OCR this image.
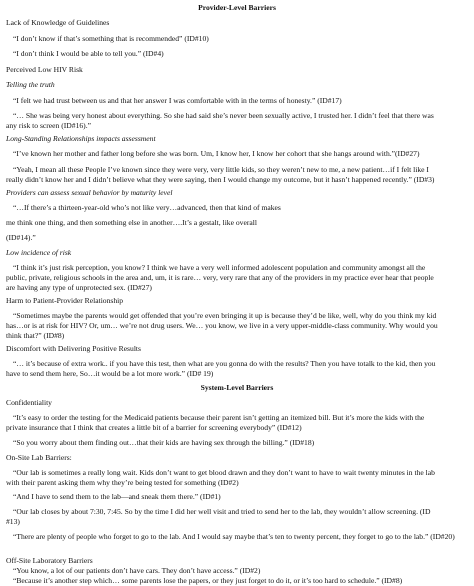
Provider-Level Barriers
Lack of Knowledge of Guidelines
“I don’t know if that’s something that is recommended” (ID#10)
“I don’t think I would be able to tell you.” (ID#4)
Perceived Low HIV Risk
Telling the truth
“I felt we had trust between us and that her answer I was comfortable with in the terms of honesty.” (ID#17)
“… She was being very honest about everything. So she had said she’s never been sexually active, I trusted her. I didn’t feel that there was
any risk to screen (ID#16).”
Long-Standing Relationships impacts assessment
“I’ve known her mother and father long before she was born. Um, I know her, I know her cohort that she hangs around with.”(ID#27)
“Yeah, I mean all these People I’ve known since they were very, very little kids, so they weren’t new to me, a new patient…if I felt like I
really didn’t know her and I didn’t believe what they were saying, then I would change my outcome, but it hasn’t happened recently.” (ID#3)
Providers can assess sexual behavior by maturity level
“…If there’s a thirteen-year-old who’s not like very…advanced, then that kind of makes
me think one thing, and then something else in another….It’s a gestalt, like overall
(ID#14).”
Low incidence of risk
“I think it’s just risk perception, you know? I think we have a very well informed adolescent population and community amongst all the
public, private, religious schools in the area and, um, it is rare… very, very rare that any of the providers in my practice ever hear that people
are having any type of unprotected sex. (ID#27)
Harm to Patient-Provider Relationship
“Sometimes maybe the parents would get offended that you’re even bringing it up is because they’d be like, well, why do you think my kid
has…or is at risk for HIV? Or, um… we’re not drug users. We… you know, we live in a very upper-middle-class community. Why would you
think that?” (ID#8)
Discomfort with Delivering Positive Results
“… it’s because of extra work.. if you have this test, then what are you gonna do with the results? Then you have totalk to the kid, then you
have to send them here, So…it would be a lot more work.” (ID# 19)
System-Level Barriers
Confidentiality
“It’s easy to order the testing for the Medicaid patients because their parent isn’t getting an itemized bill. But it’s more the kids with the
private insurance that I think that creates a little bit of a barrier for screening everybody” (ID#12)
“So you worry about them finding out…that their kids are having sex through the billing.” (ID#18)
On-Site Lab Barriers:
“Our lab is sometimes a really long wait. Kids don’t want to get blood drawn and they don’t want to have to wait twenty minutes in the lab
with their parent asking them why they’re being tested for something (ID#2)
“And I have to send them to the lab—and sneak them there.” (ID#1)
“Our lab closes by about 7:30, 7:45. So by the time I did her well visit and tried to send her to the lab, they wouldn’t allow screening. (ID
#13)
“There are plenty of people who forget to go to the lab. And I would say maybe that’s ten to twenty percent, they forget to go to the lab.” (ID#20)
Off-Site Laboratory Barriers
“You know, a lot of our patients don’t have cars. They don’t have access.” (ID#2)
“Because it’s another step which… some parents lose the papers, or they just forget to do it, or it’s too hard to schedule.” (ID#8)
